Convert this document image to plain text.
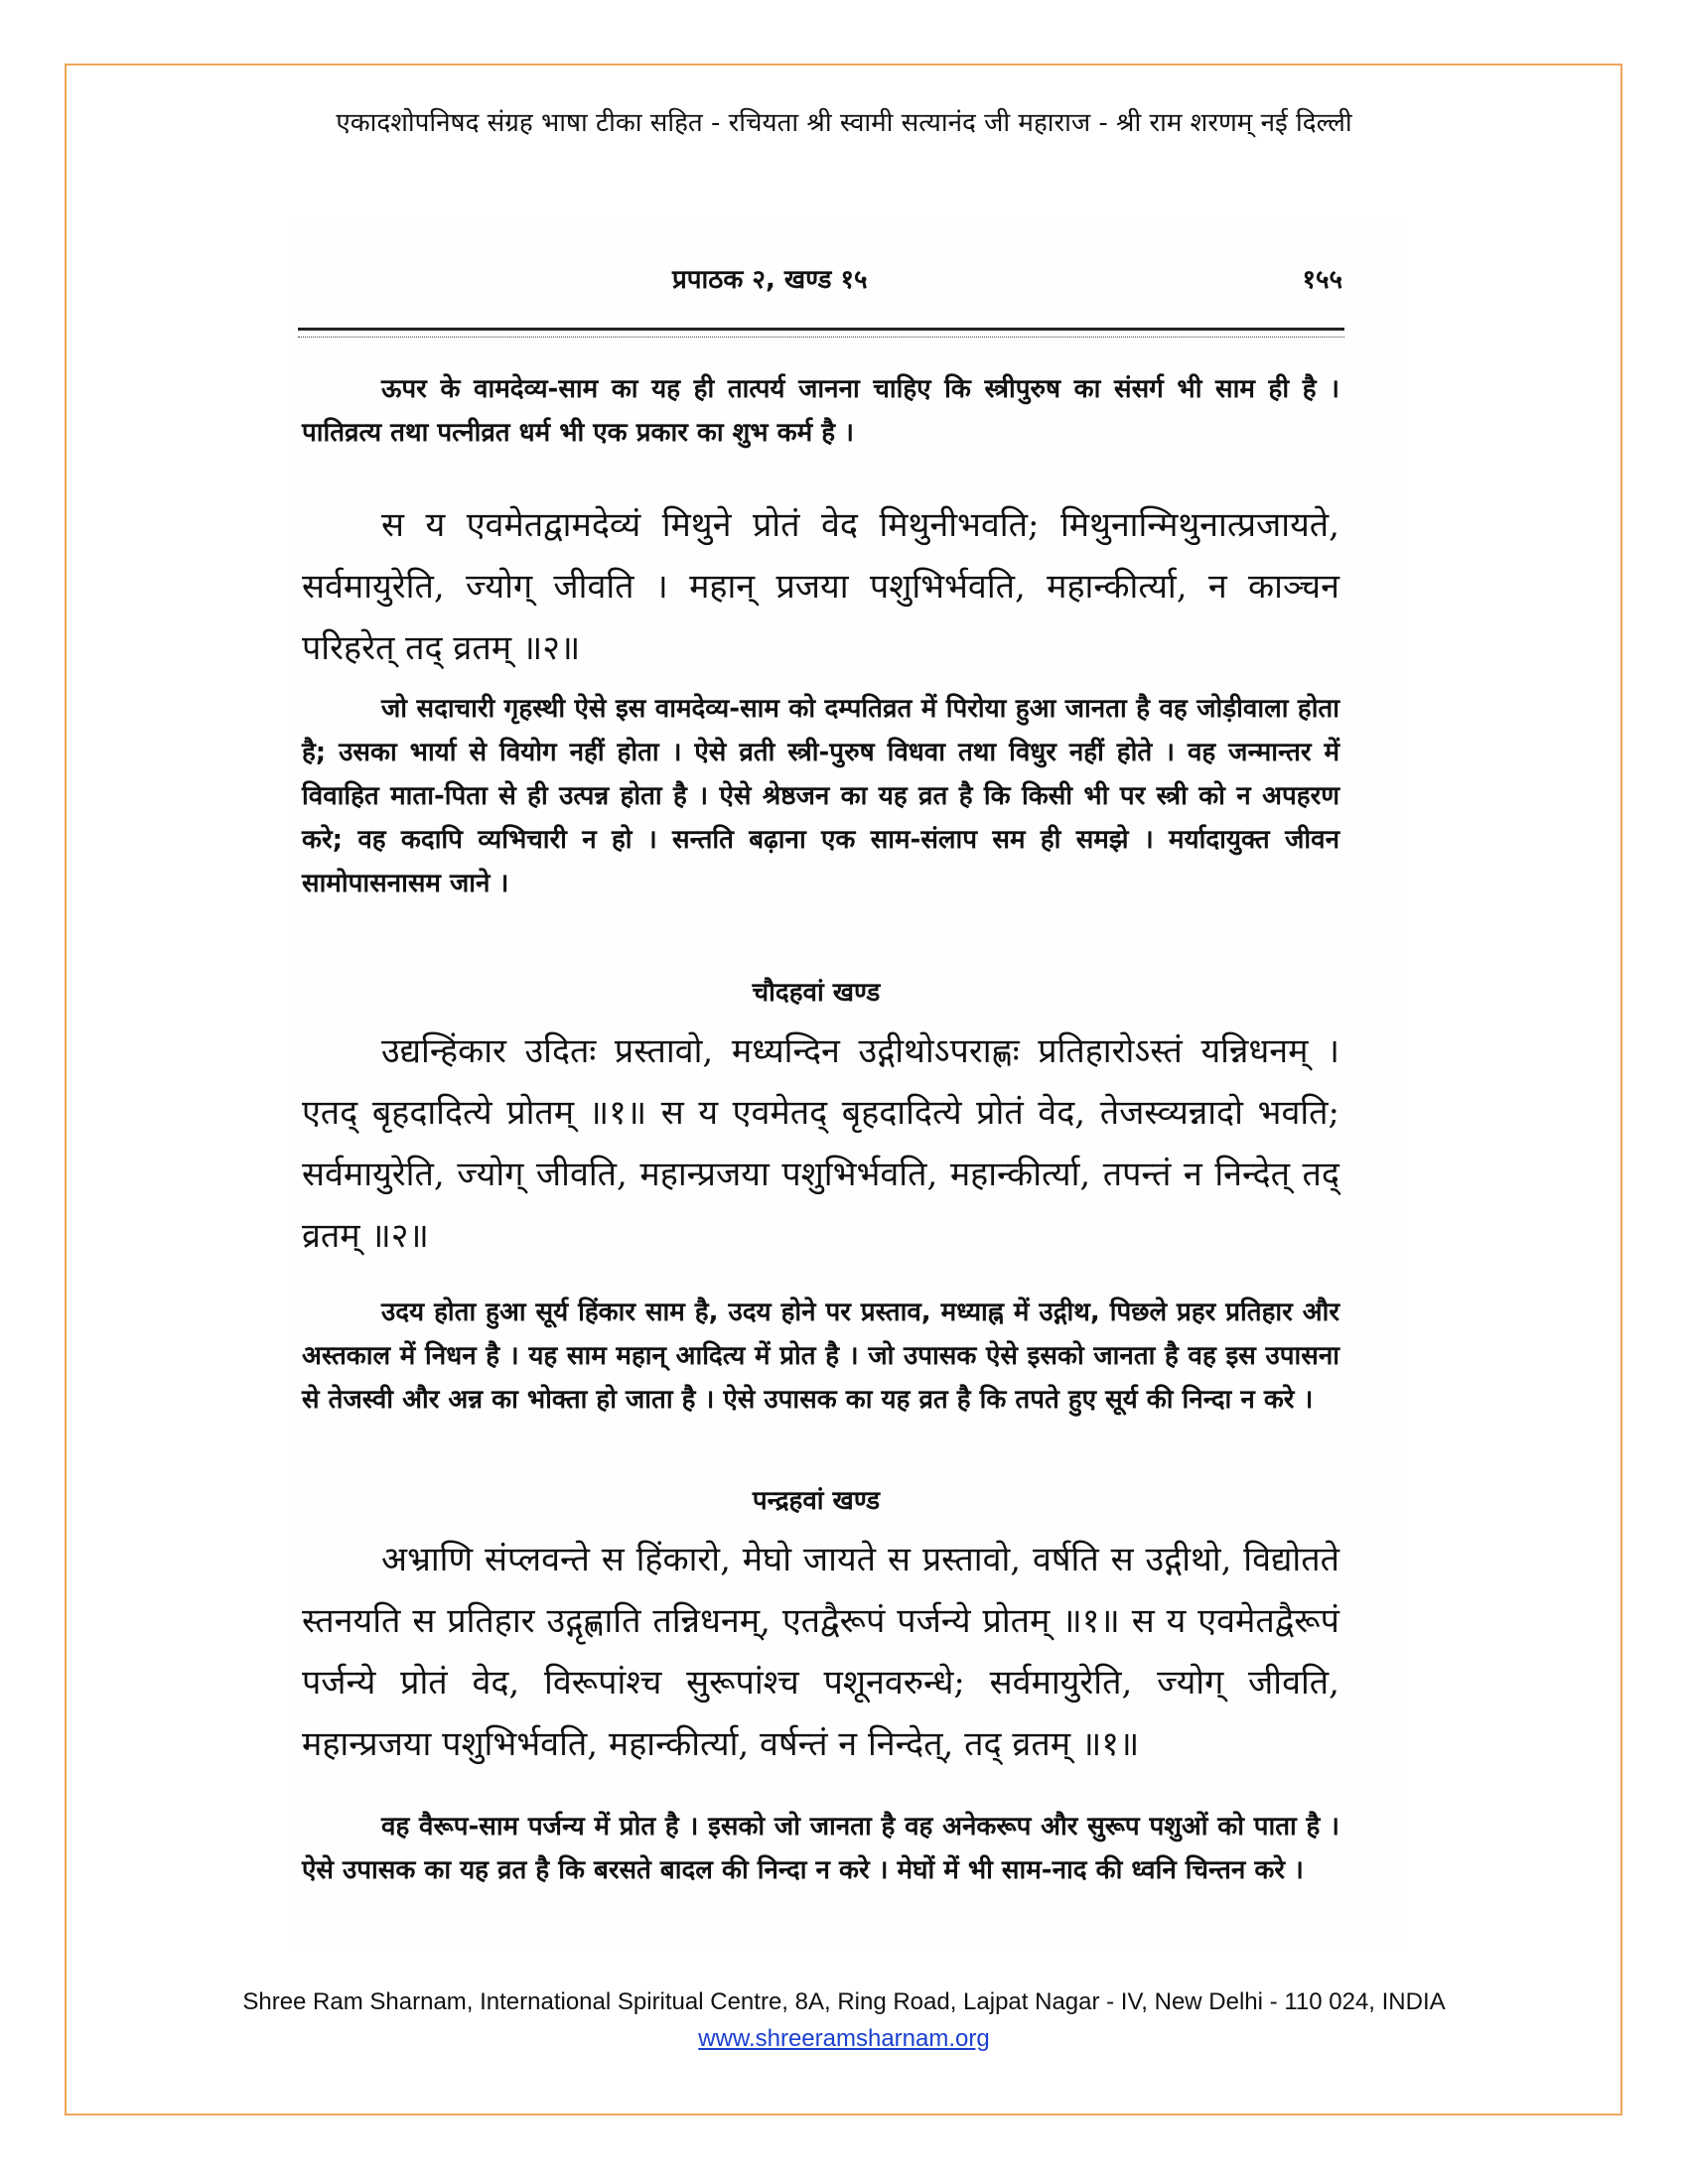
एकादशोपनिषद संग्रह भाषा टीका सहित - रचियता श्री स्वामी सत्यानंद जी महाराज - श्री राम शरणम् नई दिल्ली
प्रपाठक २, खण्ड १५	१५५
ऊपर के वामदेव्य-साम का यह ही तात्पर्य जानना चाहिए कि स्त्रीपुरुष का संसर्ग भी साम ही है । पातिव्रत्य तथा पत्नीव्रत धर्म भी एक प्रकार का शुभ कर्म है ।
स य एवमेतद्वामदेव्यं मिथुने प्रोतं वेद मिथुनीभवति; मिथुनान्मिथुनात्प्रजायते, सर्वमायुरेति, ज्योग् जीवति । महान् प्रजया पशुभिर्भवति, महान्कीर्त्या, न काञ्चन परिहरेत् तद् व्रतम् ॥२॥
जो सदाचारी गृहस्थी ऐसे इस वामदेव्य-साम को दम्पतिव्रत में पिरोया हुआ जानता है वह जोड़ीवाला होता है; उसका भार्या से वियोग नहीं होता । ऐसे व्रती स्त्री-पुरुष विधवा तथा विधुर नहीं होते । वह जन्मान्तर में विवाहित माता-पिता से ही उत्पन्न होता है । ऐसे श्रेष्ठजन का यह व्रत है कि किसी भी पर स्त्री को न अपहरण करे; वह कदापि व्यभिचारी न हो । सन्तति बढ़ाना एक साम-संलाप सम ही समझे । मर्यादायुक्त जीवन सामोपासनासम जाने ।
चौदहवां खण्ड
उद्यन्हिंकार उदितः प्रस्तावो, मध्यन्दिन उद्गीथोऽपराह्णः प्रतिहारोऽस्तं यन्निधनम् । एतद् बृहदादित्ये प्रोतम् ॥१॥ स य एवमेतद् बृहदादित्ये प्रोतं वेद, तेजस्व्यन्नादो भवति; सर्वमायुरेति, ज्योग् जीवति, महान्प्रजया पशुभिर्भवति, महान्कीर्त्या, तपन्तं न निन्देत् तद् व्रतम् ॥२॥
उदय होता हुआ सूर्य हिंकार साम है, उदय होने पर प्रस्ताव, मध्याह्न में उद्गीथ, पिछले प्रहर प्रतिहार और अस्तकाल में निधन है । यह साम महान् आदित्य में प्रोत है । जो उपासक ऐसे इसको जानता है वह इस उपासना से तेजस्वी और अन्न का भोक्ता हो जाता है । ऐसे उपासक का यह व्रत है कि तपते हुए सूर्य की निन्दा न करे ।
पन्द्रहवां खण्ड
अभ्राणि संप्लवन्ते स हिंकारो, मेघो जायते स प्रस्तावो, वर्षति स उद्गीथो, विद्योतते स्तनयति स प्रतिहार उद्गृह्णाति तन्निधनम्, एतद्वैरूपं पर्जन्ये प्रोतम् ॥१॥ स य एवमेतद्वैरूपं पर्जन्ये प्रोतं वेद, विरूपांश्च सुरूपांश्च पशूनवरुन्धे; सर्वमायुरेति, ज्योग् जीवति, महान्प्रजया पशुभिर्भवति, महान्कीर्त्या, वर्षन्तं न निन्देत्, तद् व्रतम् ॥१॥
वह वैरूप-साम पर्जन्य में प्रोत है । इसको जो जानता है वह अनेकरूप और सुरूप पशुओं को पाता है । ऐसे उपासक का यह व्रत है कि बरसते बादल की निन्दा न करे । मेघों में भी साम-नाद की ध्वनि चिन्तन करे ।
Shree Ram Sharnam, International Spiritual Centre, 8A, Ring Road, Lajpat Nagar - IV, New Delhi - 110 024, INDIA
www.shreeramsharnam.org
